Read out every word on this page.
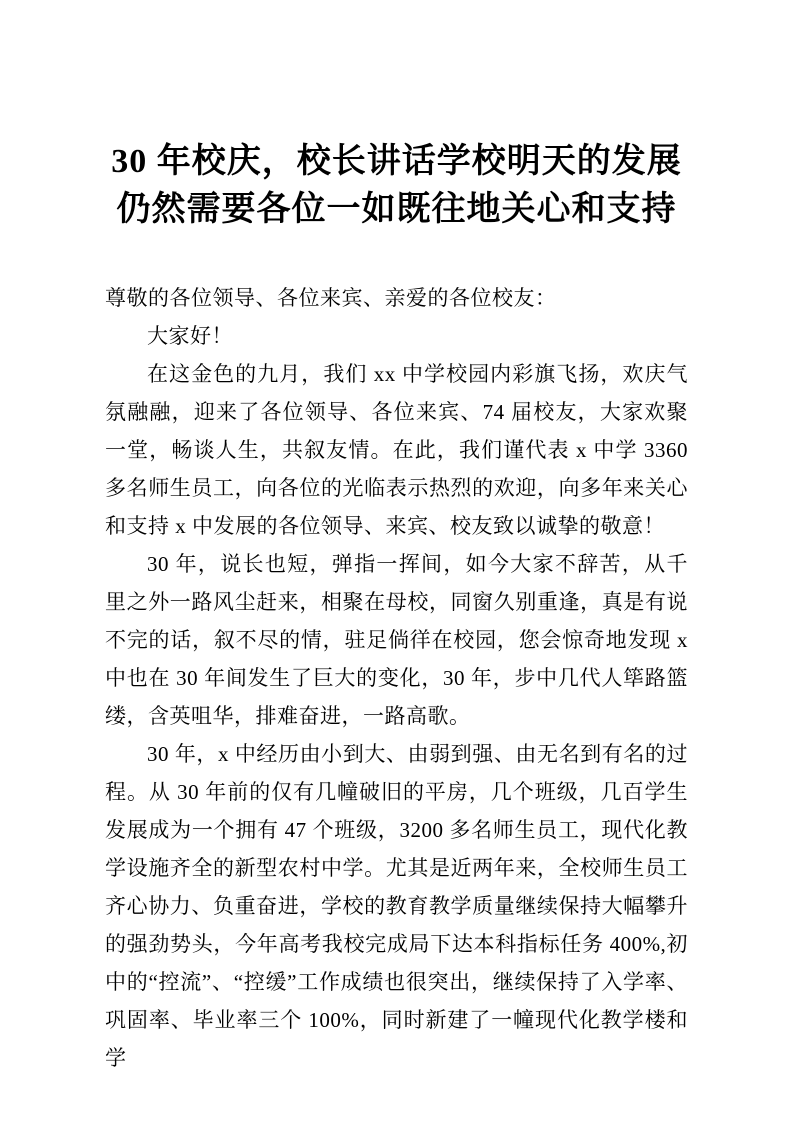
30 年校庆，校长讲话学校明天的发展
仍然需要各位一如既往地关心和支持

尊敬的各位领导、各位来宾、亲爱的各位校友：

大家好！

在这金色的九月，我们 xx 中学校园内彩旗飞扬，欢庆气氛融融，迎来了各位领导、各位来宾、74 届校友，大家欢聚一堂，畅谈人生，共叙友情。在此，我们谨代表 x 中学 3360 多名师生员工，向各位的光临表示热烈的欢迎，向多年来关心和支持 x 中发展的各位领导、来宾、校友致以诚挚的敬意！

30 年，说长也短，弹指一挥间，如今大家不辞苦，从千里之外一路风尘赶来，相聚在母校，同窗久别重逢，真是有说不完的话，叙不尽的情，驻足倘徉在校园，您会惊奇地发现 x 中也在 30 年间发生了巨大的变化，30 年，步中几代人筚路篮缕，含英咀华，排难奋进，一路高歌。

30 年，x 中经历由小到大、由弱到强、由无名到有名的过程。从 30 年前的仅有几幢破旧的平房，几个班级，几百学生发展成为一个拥有 47 个班级，3200 多名师生员工，现代化教学设施齐全的新型农村中学。尤其是近两年来，全校师生员工齐心协力、负重奋进，学校的教育教学质量继续保持大幅攀升的强劲势头，今年高考我校完成局下达本科指标任务 400%,初中的“控流”、“控缓”工作成绩也很突出，继续保持了入学率、巩固率、毕业率三个 100%，同时新建了一幢现代化教学楼和学
